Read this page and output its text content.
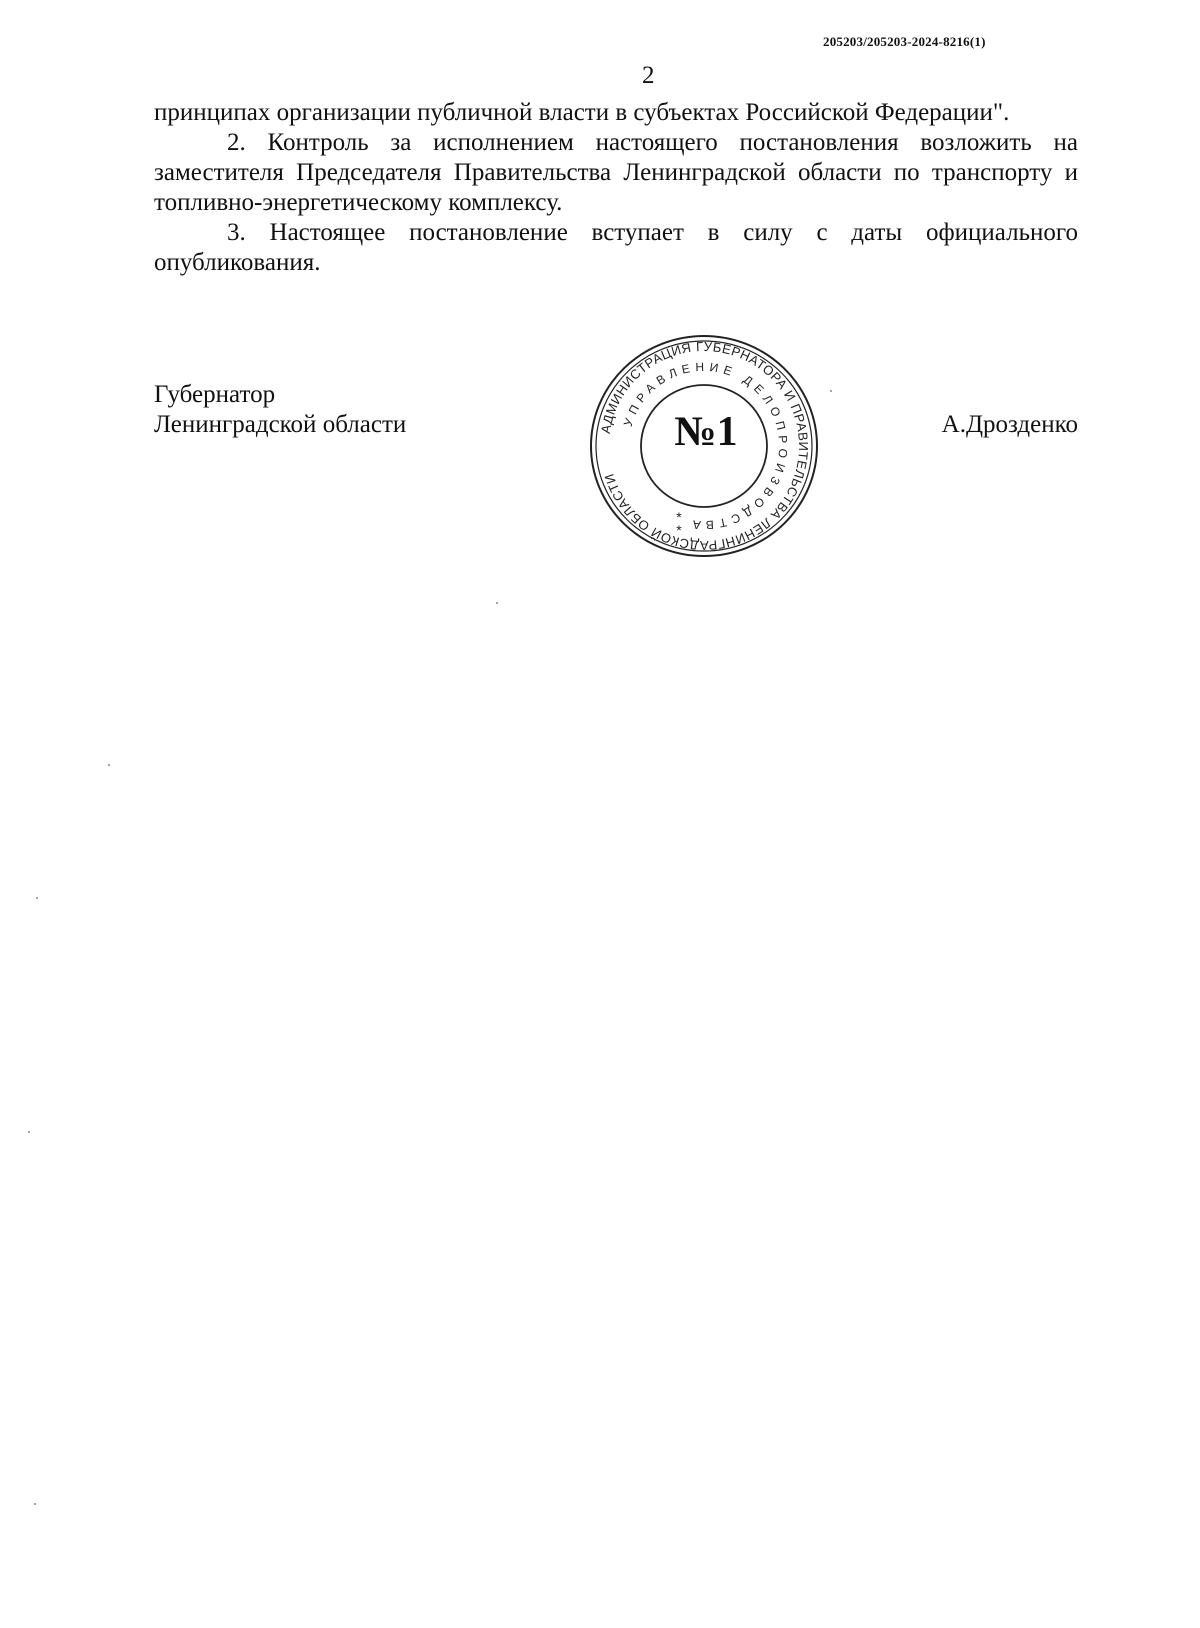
205203/205203-2024-8216(1)
2

принципах организации публичной власти в субъектах Российской Федерации".

2. Контроль за исполнением настоящего постановления возложить на заместителя Председателя Правительства Ленинградской области по транспорту и топливно-энергетическому комплексу.

3. Настоящее постановление вступает в силу с даты официального опубликования.

Губернатор
Ленинградской области	А.Дрозденко
АДМИНИСТРАЦИЯ ГУБЕРНАТОРА И ПРАВИТЕЛЬСТВА ЛЕНИНГРАДСКОЙ ОБЛАСТИ
УПРАВЛЕНИЕ ДЕЛОПРОИЗВОДСТВА
№1
*
*
